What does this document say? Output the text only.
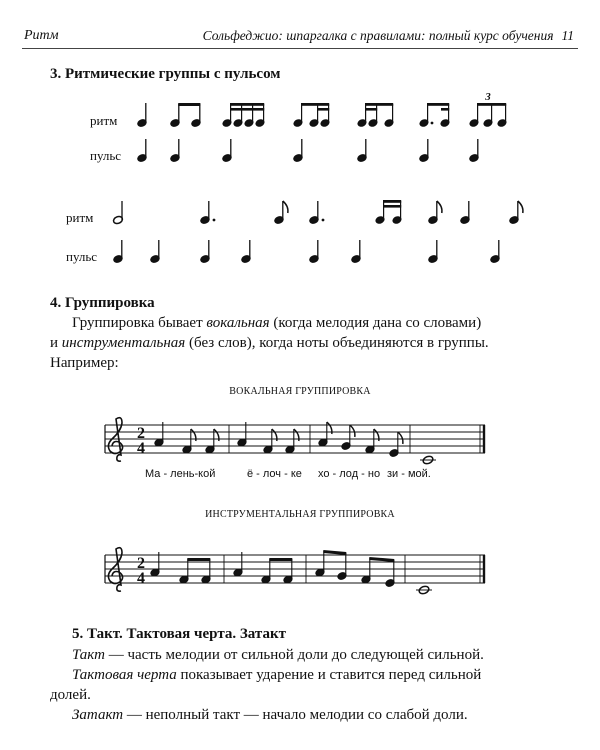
Ритм	Сольфеджио: шпаргалка с правилами: полный курс обучения 11
3. Ритмические группы с пульсом
ритм
пульс
ритм
пульс
3
4. Группировка
Группировка бывает вокальная (когда мелодия дана со словами)
и инструментальная (без слов), когда ноты объединяются в группы.
Например:
ВОКАЛЬНАЯ ГРУППИРОВКА
ИНСТРУМЕНТАЛЬНАЯ ГРУППИРОВКА
2
4
Ма - лень-кой	ё - лоч - ке хо - лод - но зи - мой.
2
4
5. Такт. Тактовая черта. Затакт
Такт — часть мелодии от сильной доли до следующей сильной.
Тактовая черта показывает ударение и ставится перед сильной
долей.
Затакт — неполный такт — начало мелодии со слабой доли.
